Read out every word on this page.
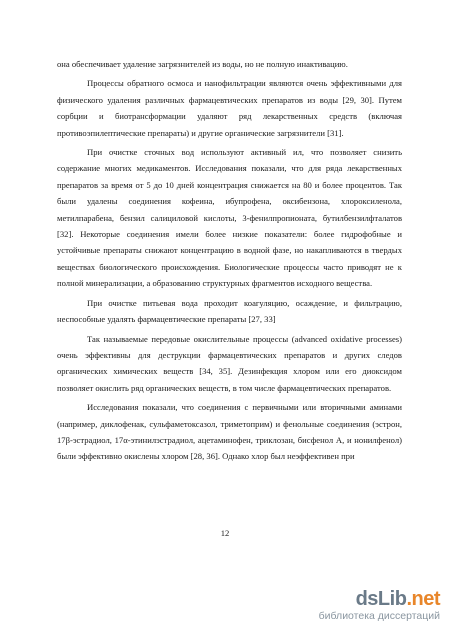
она обеспечивает удаление загрязнителей из воды, но не полную инактивацию.

Процессы обратного осмоса и нанофильтрации являются очень эффективными для физического удаления различных фармацевтических препаратов из воды [29, 30]. Путем сорбции и биотрансформации удаляют ряд лекарственных средств (включая противоэпилептические препараты) и другие органические загрязнители [31].

При очистке сточных вод используют активный ил, что позволяет снизить содержание многих медикаментов. Исследования показали, что для ряда лекарственных препаратов за время от 5 до 10 дней концентрация снижается на 80 и более процентов. Так были удалены соединения кофеина, ибупрофена, оксибензона, хлороксиленола, метилпарабена, бензил салициловой кислоты, 3-фенилпропионата, бутилбензилфталатов [32]. Некоторые соединения имели более низкие показатели: более гидрофобные и устойчивые препараты снижают концентрацию в водной фазе, но накапливаются в твердых веществах биологического происхождения. Биологические процессы часто приводят не к полной минерализации, а образованию структурных фрагментов исходного вещества.

При очистке питьевая вода проходит коагуляцию, осаждение, и фильтрацию, неспособные удалять фармацевтические препараты [27, 33]

Так называемые передовые окислительные процессы (advanced oxidative processes) очень эффективны для деструкции фармацевтических препаратов и других следов органических химических веществ [34, 35]. Дезинфекция хлором или его диоксидом позволяет окислить ряд органических веществ, в том числе фармацевтических препаратов.

Исследования показали, что соединения с первичными или вторичными аминами (например, диклофенак, сульфаметоксазол, триметоприм) и фенольные соединения (эстрон, 17β-эстрадиол, 17α-этинилэстрадиол, ацетаминофен, триклозан, бисфенол А, и нонилфенол) были эффективно окислены хлором [28, 36]. Однако хлор был неэффективен при

12
dsLib.net
библиотека диссертаций
